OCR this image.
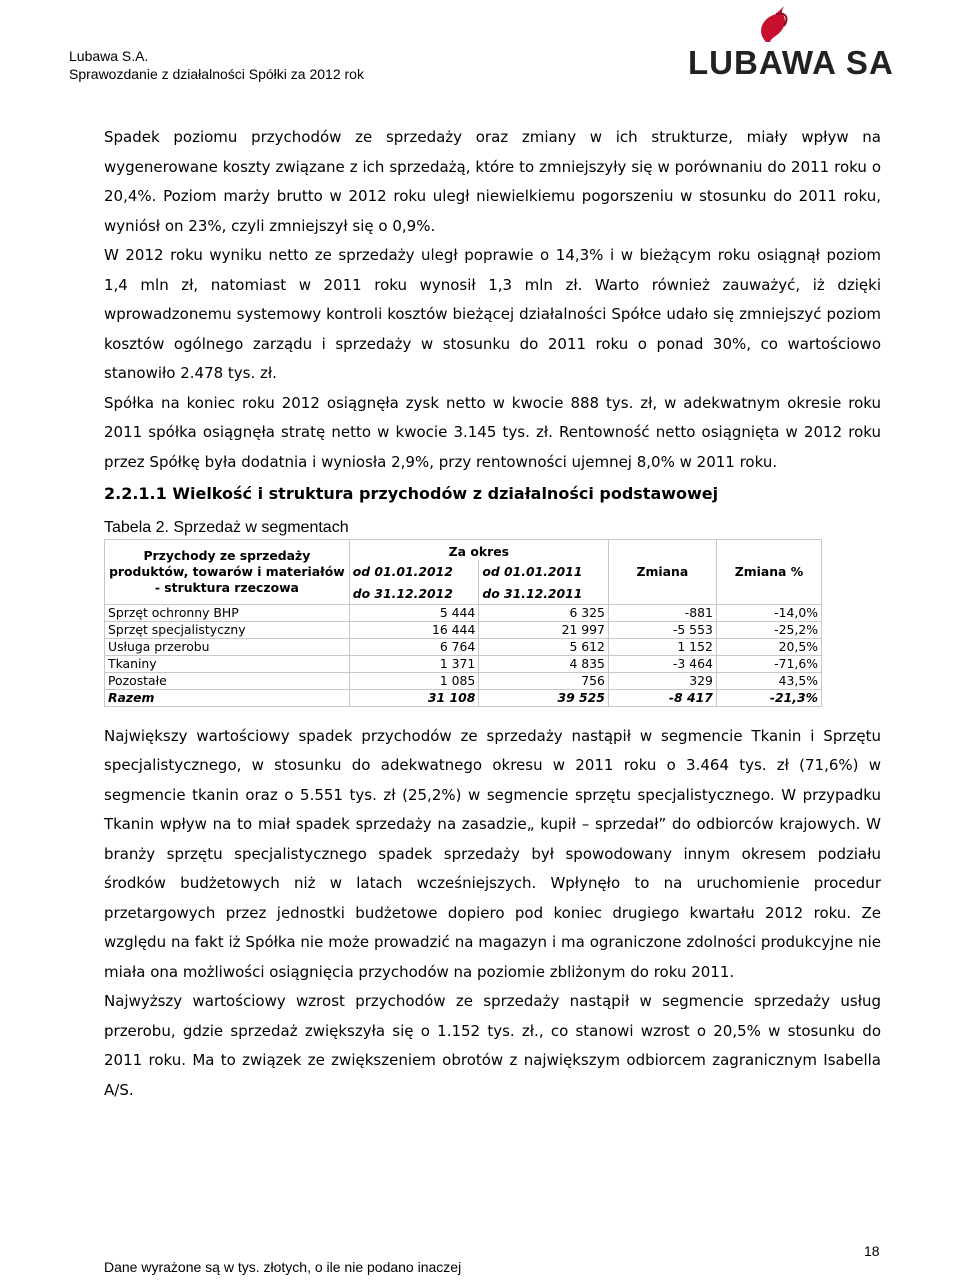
Lubawa S.A.
Sprawozdanie z działalności Spółki za 2012 rok	LUBAWA SA

Spadek poziomu przychodów ze sprzedaży oraz zmiany w ich strukturze, miały wpływ na wygenerowane koszty związane z ich sprzedażą, które to zmniejszyły się w porównaniu do 2011 roku o 20,4%. Poziom marży brutto w 2012 roku uległ niewielkiemu pogorszeniu w stosunku do 2011 roku, wyniósł on 23%, czyli zmniejszył się o 0,9%.

W 2012 roku wyniku netto ze sprzedaży uległ poprawie o 14,3% i w bieżącym roku osiągnął poziom 1,4 mln zł, natomiast w 2011 roku wynosił 1,3 mln zł. Warto również zauważyć, iż dzięki wprowadzonemu systemowy kontroli kosztów bieżącej działalności Spółce udało się zmniejszyć poziom kosztów ogólnego zarządu i sprzedaży w stosunku do 2011 roku o ponad 30%, co wartościowo stanowiło 2.478 tys. zł.

Spółka na koniec roku 2012 osiągnęła zysk netto w kwocie 888 tys. zł, w adekwatnym okresie roku 2011 spółka osiągnęła stratę netto w kwocie 3.145 tys. zł. Rentowność netto osiągnięta w 2012 roku przez Spółkę była dodatnia i wyniosła 2,9%, przy rentowności ujemnej 8,0% w 2011 roku.

2.2.1.1 Wielkość i struktura przychodów z działalności podstawowej

Tabela 2. Sprzedaż w segmentach

Przychody ze sprzedaży produktów, towarów i materiałów - struktura rzeczowa	Za okres		Zmiana	Zmiana %
	od 01.01.2012	od 01.01.2011		
	do 31.12.2012	do 31.12.2011		
Sprzęt ochronny BHP	5 444	6 325	-881	-14,0%
Sprzęt specjalistyczny	16 444	21 997	-5 553	-25,2%
Usługa przerobu	6 764	5 612	1 152	20,5%
Tkaniny	1 371	4 835	-3 464	-71,6%
Pozostałe	1 085	756	329	43,5%
Razem	31 108	39 525	-8 417	-21,3%

Największy wartościowy spadek przychodów ze sprzedaży nastąpił w segmencie Tkanin i Sprzętu specjalistycznego, w stosunku do adekwatnego okresu w 2011 roku o 3.464 tys. zł (71,6%) w segmencie tkanin oraz o 5.551 tys. zł (25,2%) w segmencie sprzętu specjalistycznego. W przypadku Tkanin wpływ na to miał spadek sprzedaży na zasadzie„ kupił – sprzedał” do odbiorców krajowych. W branży sprzętu specjalistycznego spadek sprzedaży był spowodowany innym okresem podziału środków budżetowych niż w latach wcześniejszych. Wpłynęło to na uruchomienie procedur przetargowych przez jednostki budżetowe dopiero pod koniec drugiego kwartału 2012 roku. Ze względu na fakt iż Spółka nie może prowadzić na magazyn i ma ograniczone zdolności produkcyjne nie miała ona możliwości osiągnięcia przychodów na poziomie zbliżonym do roku 2011.

Najwyższy wartościowy wzrost przychodów ze sprzedaży nastąpił w segmencie sprzedaży usług przerobu, gdzie sprzedaż zwiększyła się o 1.152 tys. zł., co stanowi wzrost o 20,5% w stosunku do 2011 roku. Ma to związek ze zwiększeniem obrotów z największym odbiorcem zagranicznym Isabella A/S.

18
Dane wyrażone są w tys. złotych, o ile nie podano inaczej
